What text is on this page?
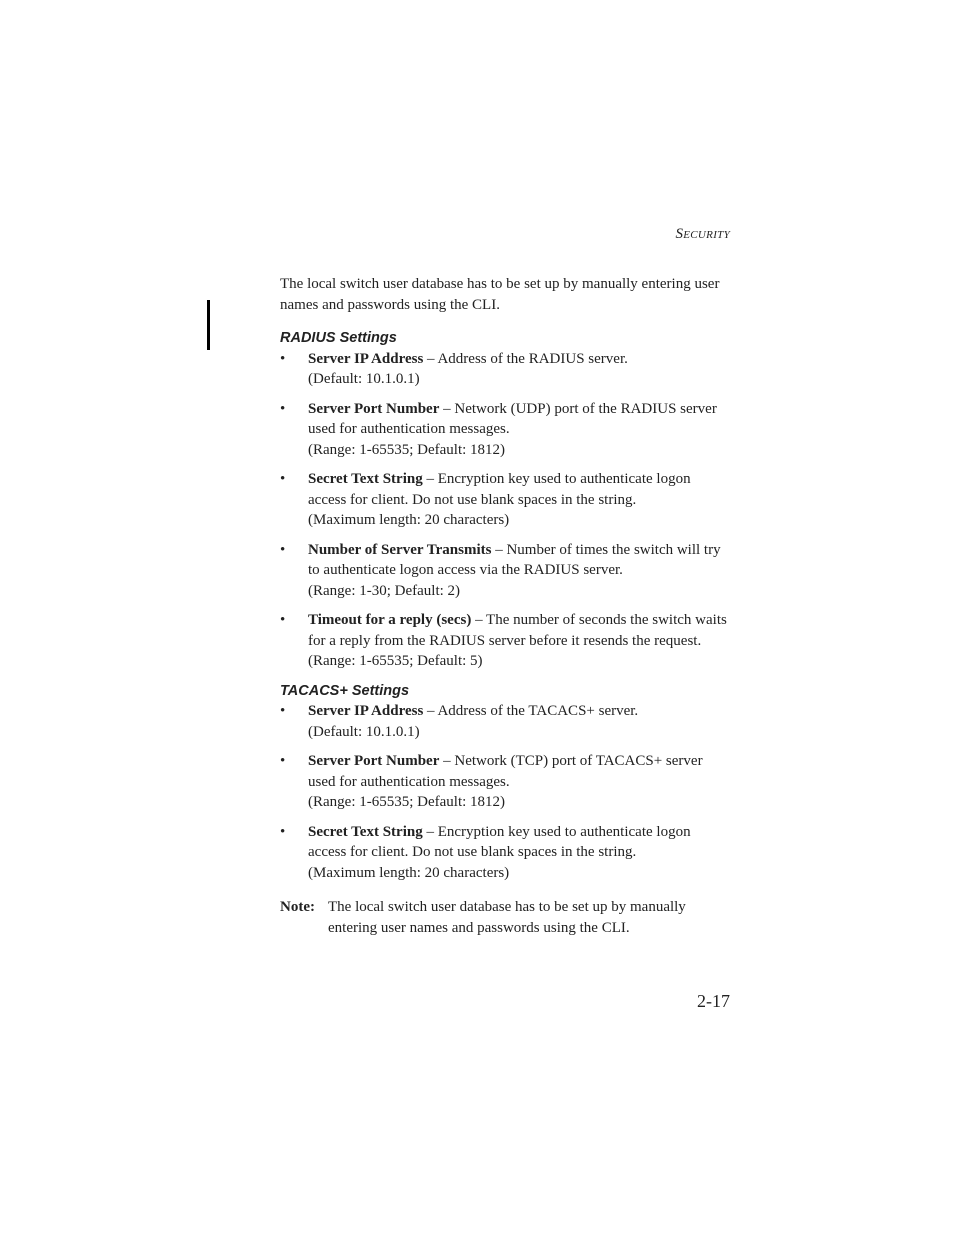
SECURITY

The local switch user database has to be set up by manually entering user names and passwords using the CLI.

RADIUS Settings

• Server IP Address – Address of the RADIUS server.
(Default: 10.1.0.1)
• Server Port Number – Network (UDP) port of the RADIUS server used for authentication messages.
(Range: 1-65535; Default: 1812)
• Secret Text String – Encryption key used to authenticate logon access for client. Do not use blank spaces in the string.
(Maximum length: 20 characters)
• Number of Server Transmits – Number of times the switch will try to authenticate logon access via the RADIUS server.
(Range: 1-30; Default: 2)
• Timeout for a reply (secs) – The number of seconds the switch waits for a reply from the RADIUS server before it resends the request.
(Range: 1-65535; Default: 5)

TACACS+ Settings

• Server IP Address – Address of the TACACS+ server.
(Default: 10.1.0.1)
• Server Port Number – Network (TCP) port of TACACS+ server used for authentication messages.
(Range: 1-65535; Default: 1812)
• Secret Text String – Encryption key used to authenticate logon access for client. Do not use blank spaces in the string.
(Maximum length: 20 characters)
Note: The local switch user database has to be set up by manually entering user names and passwords using the CLI.
2-17
